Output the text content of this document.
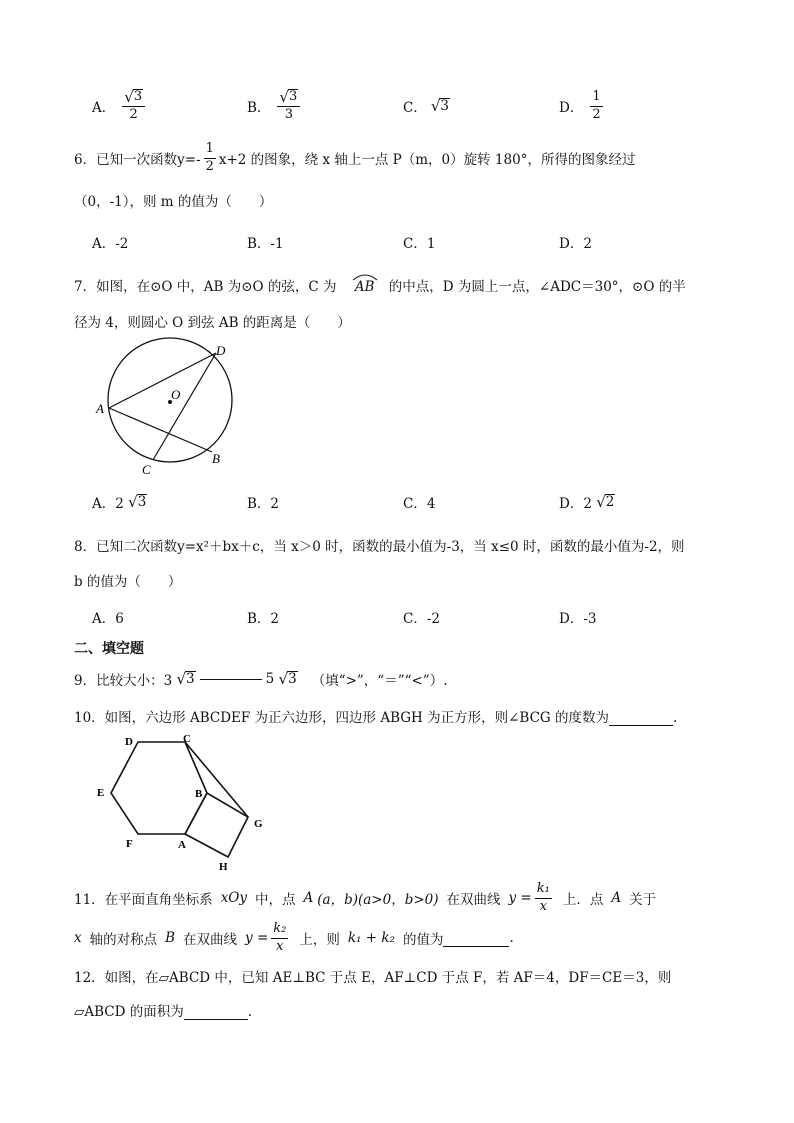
A． $\frac{√ 3}{2}$	B． $\frac{√ 3}{3}$	C． √ 3	D． $\frac{1}{2}$
6．已知一次函数$y=- \frac{1}{2} x+2$ 的图象，绕 x 轴上一点 P（m，0）旋转 180°，所得的图象经过
（0，-1），则 m 的值为（　　）
A．-2	B．-1	C．1	D．2
7．如图，在⊙O 中，AB 为⊙O 的弦，C 为 AB 的中点，D 为圆上一点，∠ADC＝30°，⊙O 的半
径为 4，则圆心 O 到弦 AB 的距离是（　　）
A
B
C
D
O
A．2
√ 3	B．2	C．4	D．2
√ 2
8．已知二次函数y=x²＋bx＋c，当 x＞0 时，函数的最小值为-3，当 x≤0 时，函数的最小值为-2，则
b 的值为（　　）
A．6	B．2	C．-2	D．-3
二、填空题
9．比较大小：3
√ 3	5
√ 3 （填“>”，“＝”“<”）.
10．如图，六边形 ABCDEF 为正六边形，四边形 ABGH 为正方形，则∠BCG 的度数为	.
D	C
E	B
G
F	A
H
11．在平面直角坐标系 xOy 中，点 A (a，b)(a>0，b>0) 在双曲线 $y = \frac{\text{k₁}}{x}$ 上．点 A 关于
x 轴的对称点 B 在双曲线 $y = \frac{\text{k₂}}{x}$ 上，则 k₁ + k₂ 的值为	.
12．如图，在▱ABCD 中，已知 AE⊥BC 于点 E，AF⊥CD 于点 F，若 AF＝4，DF＝CE＝3，则
▱ABCD 的面积为	.
